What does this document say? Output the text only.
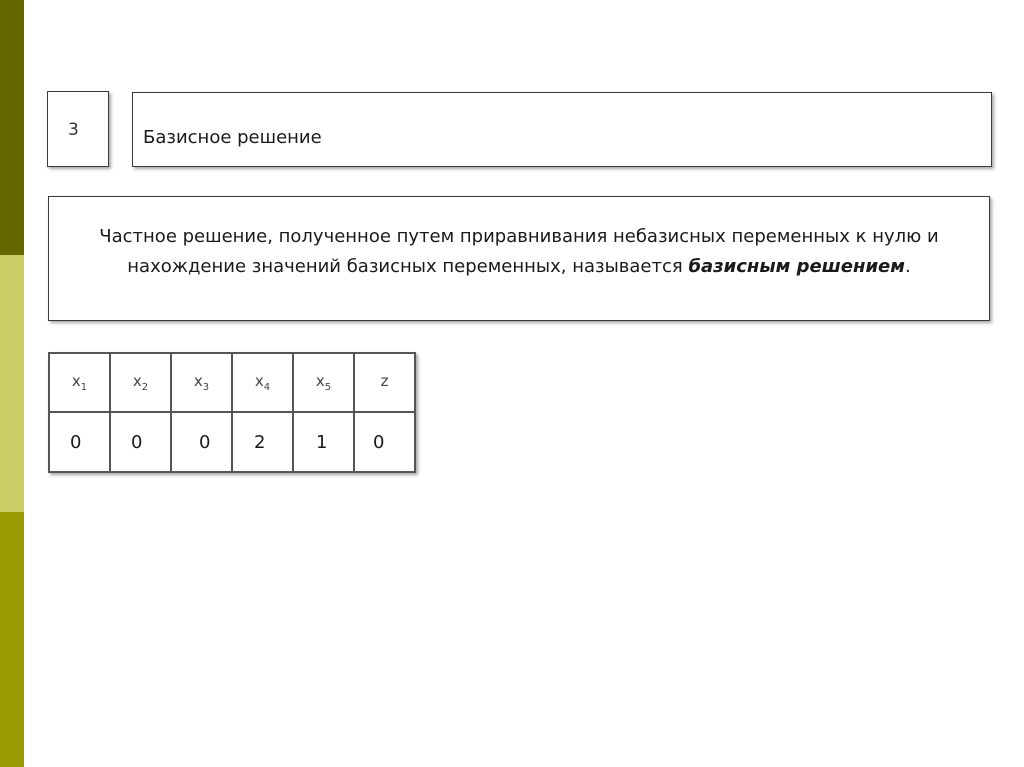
3	Базисное решение
Частное решение, полученное путем приравнивания небазисных переменных к нулю и нахождение значений базисных переменных, называется базисным решением.
$x_1$	$x_2$	$x_3$	$x_4$	$x_5$	z

0	0	0	2	1	0
